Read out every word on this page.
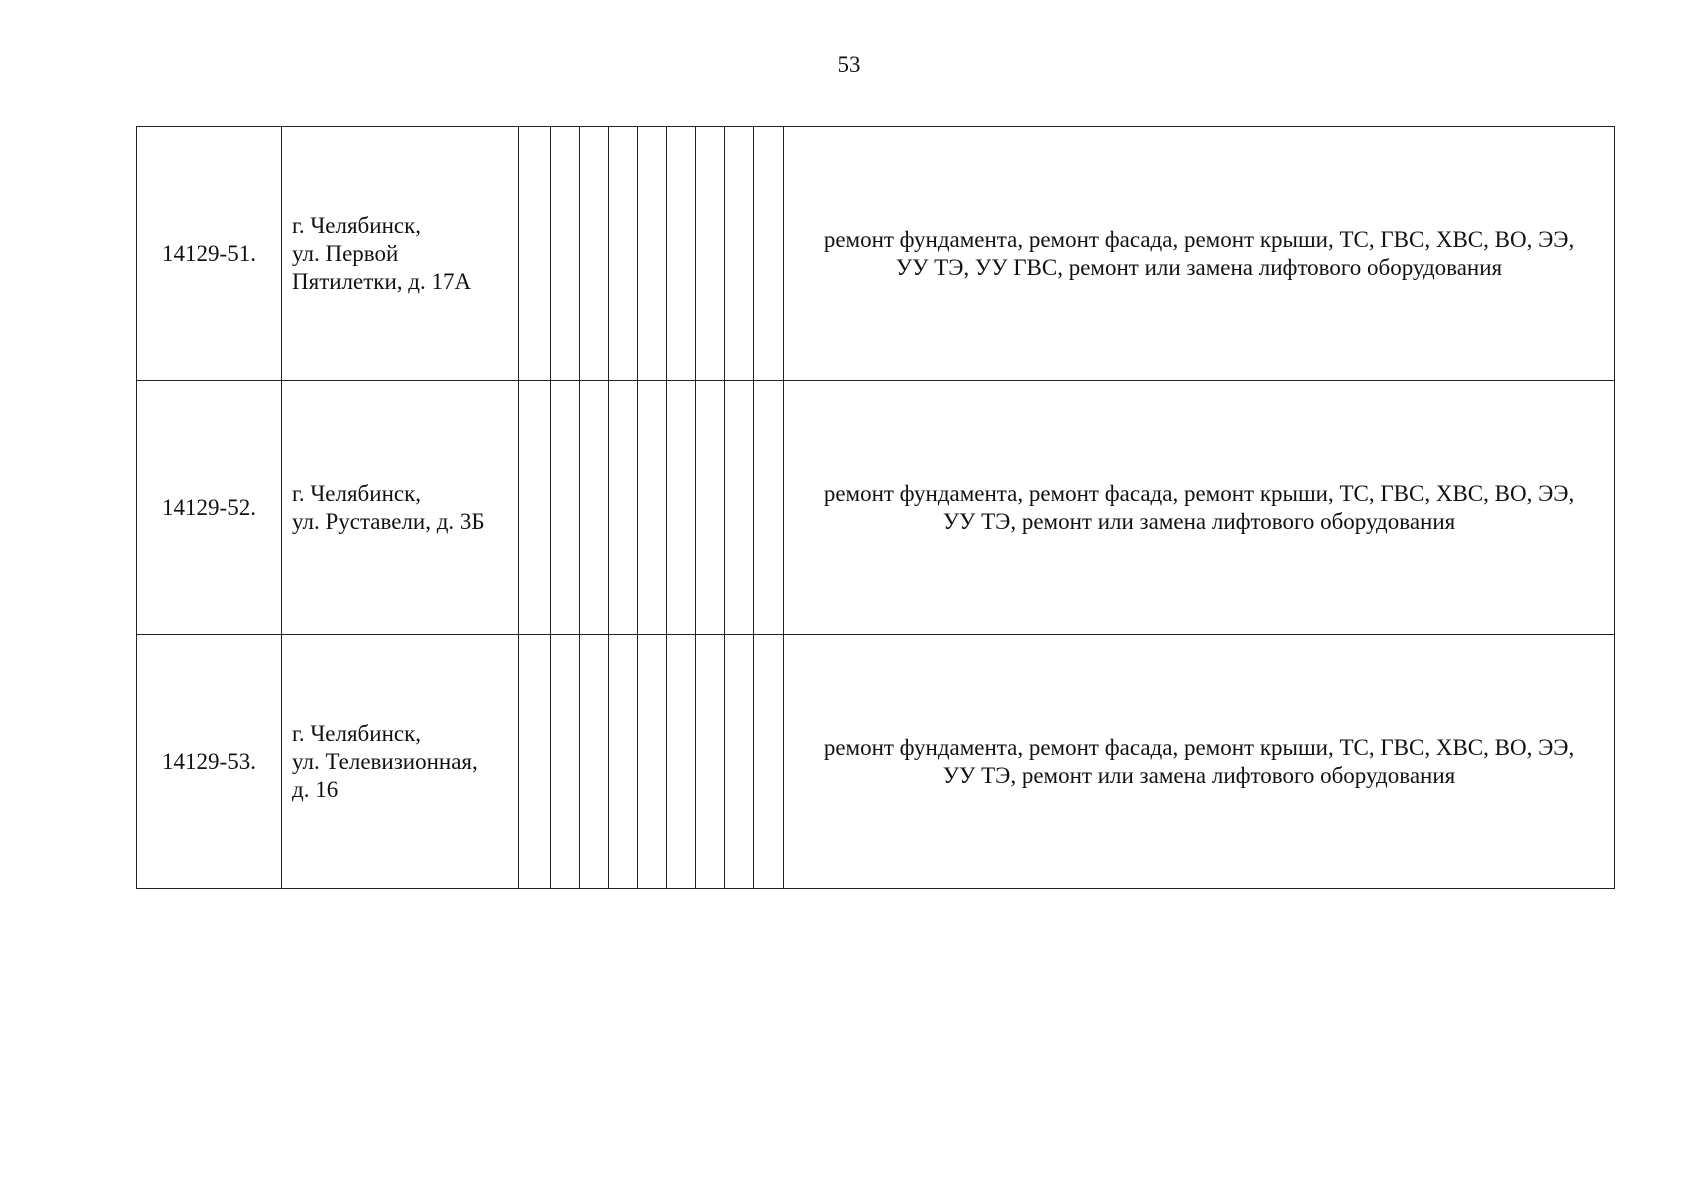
53
14129-51.	г. Челябинск,
ул. Первой
Пятилетки, д. 17А										ремонт фундамента, ремонт фасада, ремонт крыши, ТС, ГВС, ХВС, ВО, ЭЭ,
УУ ТЭ, УУ ГВС, ремонт или замена лифтового оборудования
14129-52.	г. Челябинск,
ул. Руставели, д. 3Б										ремонт фундамента, ремонт фасада, ремонт крыши, ТС, ГВС, ХВС, ВО, ЭЭ,
УУ ТЭ, ремонт или замена лифтового оборудования
14129-53.	г. Челябинск,
ул. Телевизионная,
д. 16										ремонт фундамента, ремонт фасада, ремонт крыши, ТС, ГВС, ХВС, ВО, ЭЭ,
УУ ТЭ, ремонт или замена лифтового оборудования
